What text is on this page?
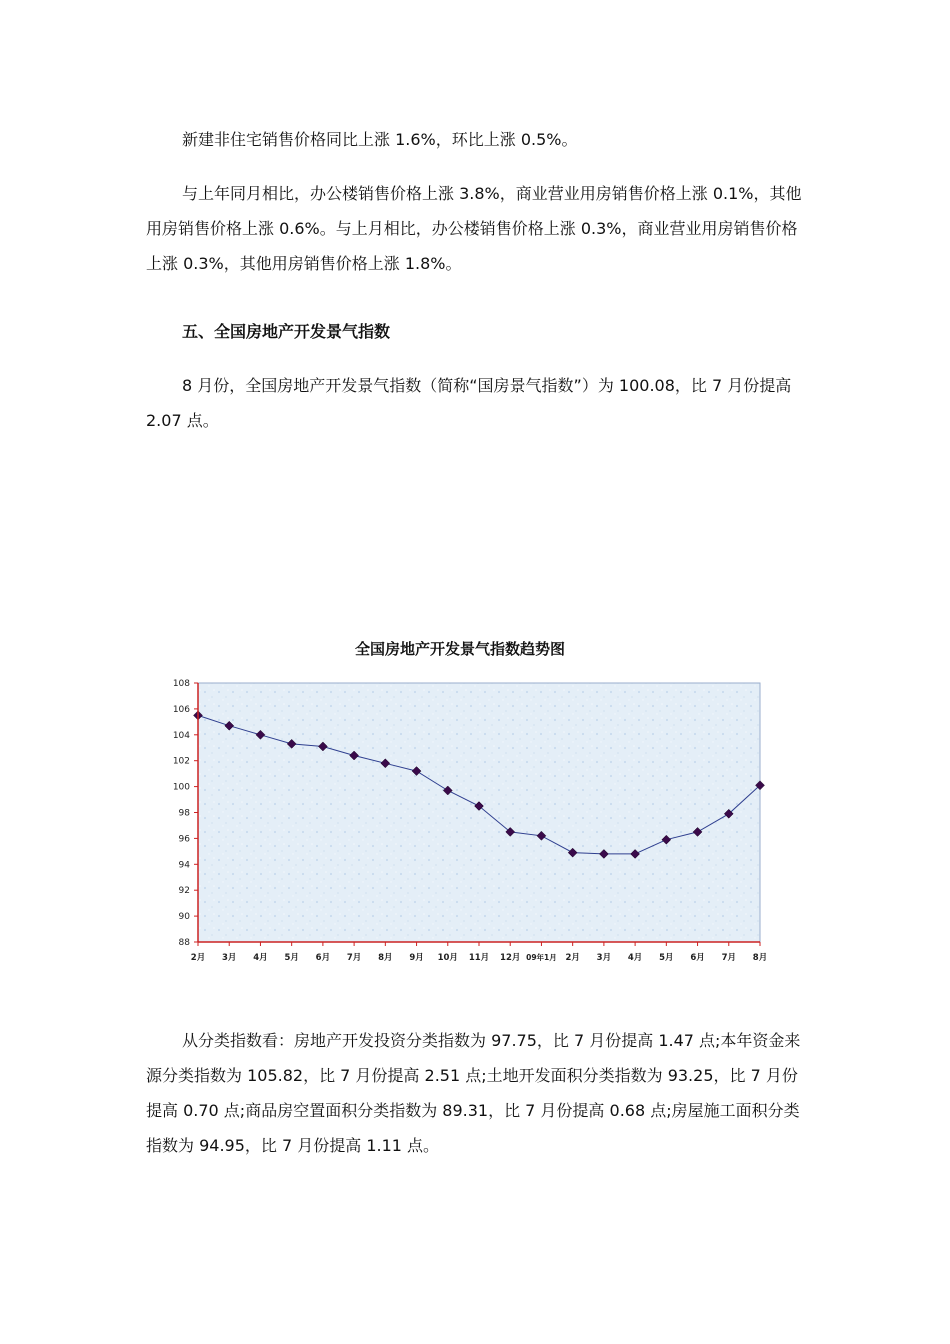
新建非住宅销售价格同比上涨 1.6%，环比上涨 0.5%。

与上年同月相比，办公楼销售价格上涨 3.8%，商业营业用房销售价格上涨 0.1%，其他用房销售价格上涨 0.6%。与上月相比，办公楼销售价格上涨 0.3%，商业营业用房销售价格上涨 0.3%，其他用房销售价格上涨 1.8%。

五、全国房地产开发景气指数

8 月份，全国房地产开发景气指数（简称“国房景气指数”）为 100.08，比 7 月份提高 2.07 点。

全国房地产开发景气指数趋势图
88
90
92
94
96
98
100
102
104
106
108
2月 3月 4月 5月 6月 7月 8月 9月 10月 11月 12月 09年1月 2月 3月 4月 5月 6月 7月 8月

从分类指数看：房地产开发投资分类指数为 97.75，比 7 月份提高 1.47 点;本年资金来源分类指数为 105.82，比 7 月份提高 2.51 点;土地开发面积分类指数为 93.25，比 7 月份提高 0.70 点;商品房空置面积分类指数为 89.31，比 7 月份提高 0.68 点;房屋施工面积分类指数为 94.95，比 7 月份提高 1.11 点。
